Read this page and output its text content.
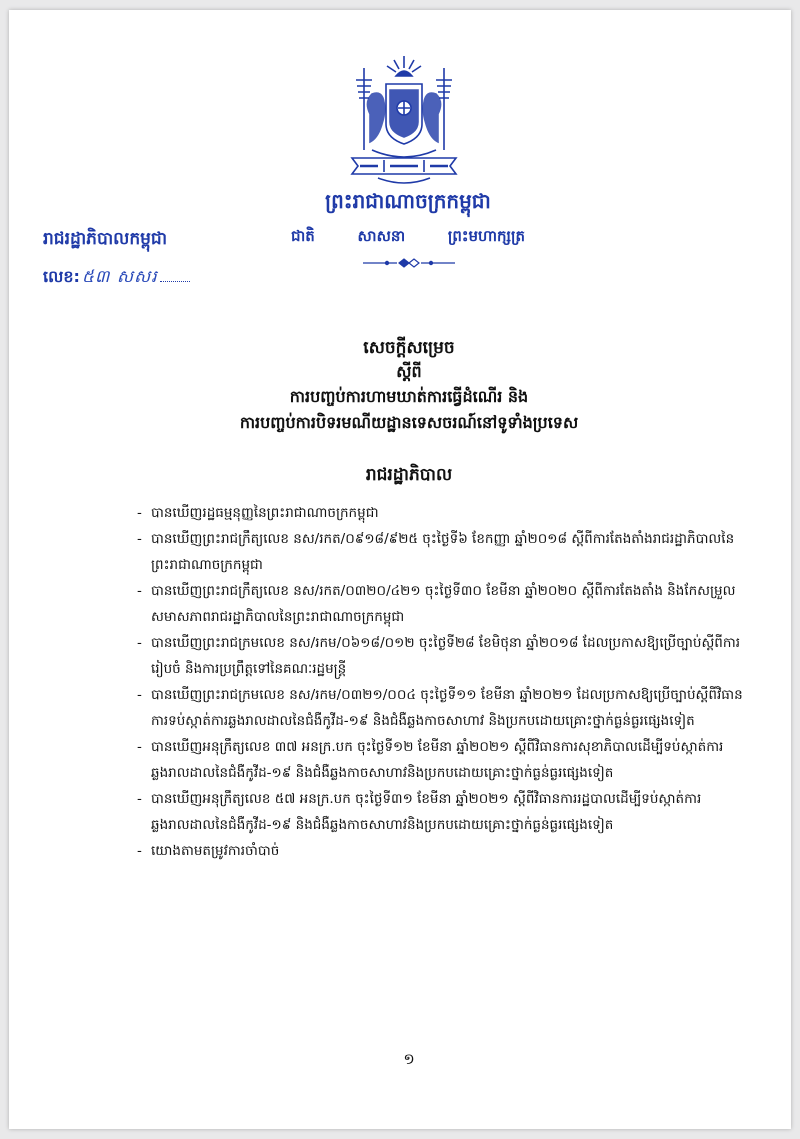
ព្រះរាជាណាចក្រកម្ពុជា
ជាតិ	សាសនា	ព្រះមហាក្សត្រ
រាជរដ្ឋាភិបាលកម្ពុជា
លេខ: ៥៣ សសរ
សេចក្តីសម្រេច
ស្តីពី
ការបញ្ចប់ការហាមឃាត់ការធ្វើដំណើរ និង
ការបញ្ចប់ការបិទរមណីយដ្ឋានទេសចរណ៍នៅទូទាំងប្រទេស
រាជរដ្ឋាភិបាល
- បានឃើញរដ្ឋធម្មនុញ្ញនៃព្រះរាជាណាចក្រកម្ពុជា
- បានឃើញព្រះរាជក្រឹត្យលេខ នស/រកត/០៩១៨/៩២៥ ចុះថ្ងៃទី៦ ខែកញ្ញា ឆ្នាំ២០១៨ ស្តីពីការតែងតាំងរាជរដ្ឋាភិបាលនៃព្រះរាជាណាចក្រកម្ពុជា
- បានឃើញព្រះរាជក្រឹត្យលេខ នស/រកត/០៣២០/៤២១ ចុះថ្ងៃទី៣០ ខែមីនា ឆ្នាំ២០២០ ស្តីពីការតែងតាំង និងកែសម្រួលសមាសភាពរាជរដ្ឋាភិបាលនៃព្រះរាជាណាចក្រកម្ពុជា
- បានឃើញព្រះរាជក្រមលេខ នស/រកម/០៦១៨/០១២ ចុះថ្ងៃទី២៨ ខែមិថុនា ឆ្នាំ២០១៨ ដែលប្រកាសឱ្យប្រើច្បាប់ស្តីពីការរៀបចំ និងការប្រព្រឹត្តទៅនៃគណៈរដ្ឋមន្ត្រី
- បានឃើញព្រះរាជក្រមលេខ នស/រកម/០៣២១/០០៤ ចុះថ្ងៃទី១១ ខែមីនា ឆ្នាំ២០២១ ដែលប្រកាសឱ្យប្រើច្បាប់ស្តីពីវិធានការទប់ស្កាត់ការឆ្លងរាលដាលនៃជំងឺកូវីដ-១៩ និងជំងឺឆ្លងកាចសាហាវ និងប្រកបដោយគ្រោះថ្នាក់ធ្ងន់ធ្ងរផ្សេងទៀត
- បានឃើញអនុក្រឹត្យលេខ ៣៧ អនក្រ.បក ចុះថ្ងៃទី១២ ខែមីនា ឆ្នាំ២០២១ ស្តីពីវិធានការសុខាភិបាលដើម្បីទប់ស្កាត់ការឆ្លងរាលដាលនៃជំងឺកូវីដ-១៩ និងជំងឺឆ្លងកាចសាហាវនិងប្រកបដោយគ្រោះថ្នាក់ធ្ងន់ធ្ងរផ្សេងទៀត
- បានឃើញអនុក្រឹត្យលេខ ៥៧ អនក្រ.បក ចុះថ្ងៃទី៣១ ខែមីនា ឆ្នាំ២០២១ ស្តីពីវិធានការរដ្ឋបាលដើម្បីទប់ស្កាត់ការឆ្លងរាលដាលនៃជំងឺកូវីដ-១៩ និងជំងឺឆ្លងកាចសាហាវនិងប្រកបដោយគ្រោះថ្នាក់ធ្ងន់ធ្ងរផ្សេងទៀត
- យោងតាមតម្រូវការចាំបាច់
១
